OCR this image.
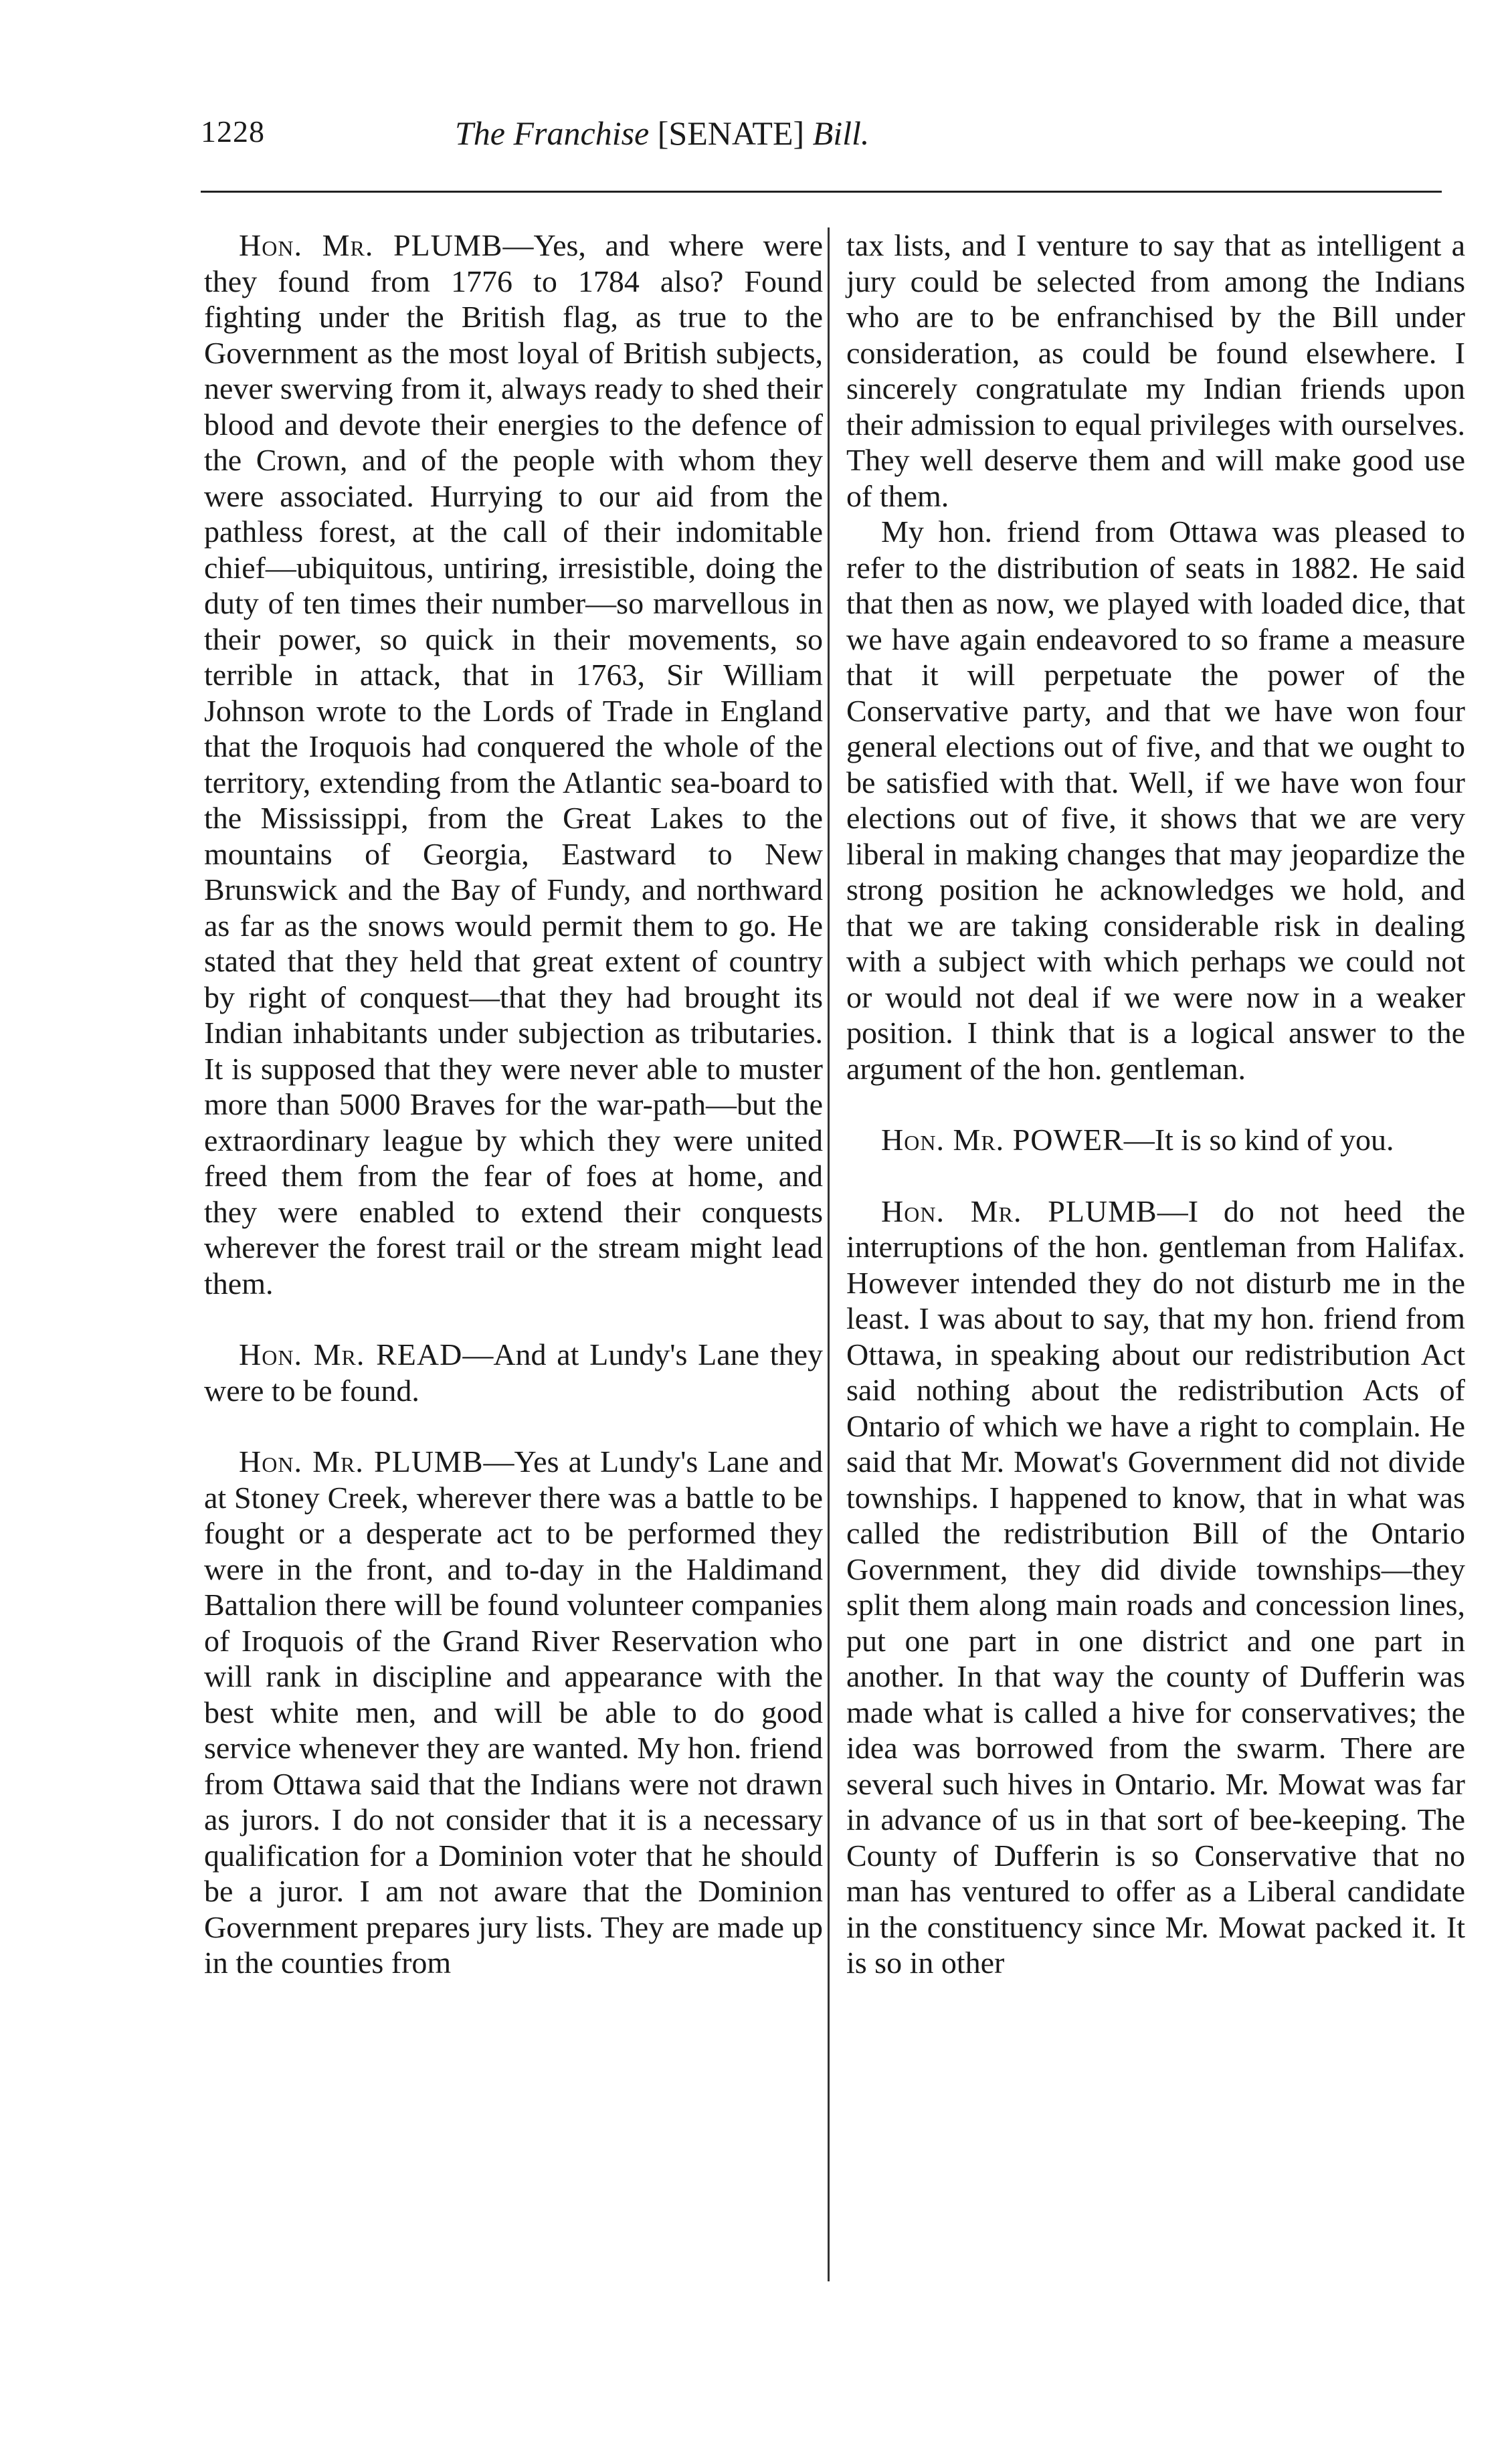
1228	The Franchise [SENATE] Bill.

Hon. Mr. PLUMB—Yes, and where were they found from 1776 to 1784 also? Found fighting under the British flag, as true to the Government as the most loyal of British subjects, never swerving from it, always ready to shed their blood and devote their energies to the defence of the Crown, and of the people with whom they were associated. Hurrying to our aid from the pathless forest, at the call of their indomitable chief—ubiquitous, untiring, irresistible, doing the duty of ten times their number—so marvellous in their power, so quick in their movements, so terrible in attack, that in 1763, Sir William Johnson wrote to the Lords of Trade in England that the Iroquois had conquered the whole of the territory, extending from the Atlantic sea-board to the Mississippi, from the Great Lakes to the mountains of Georgia, Eastward to New Brunswick and the Bay of Fundy, and northward as far as the snows would permit them to go. He stated that they held that great extent of country by right of conquest—that they had brought its Indian inhabitants under subjection as tributaries. It is supposed that they were never able to muster more than 5000 Braves for the war-path—but the extraordinary league by which they were united freed them from the fear of foes at home, and they were enabled to extend their conquests wherever the forest trail or the stream might lead them.

Hon. Mr. READ—And at Lundy's Lane they were to be found.

Hon. Mr. PLUMB—Yes at Lundy's Lane and at Stoney Creek, wherever there was a battle to be fought or a desperate act to be performed they were in the front, and to-day in the Haldimand Battalion there will be found volunteer companies of Iroquois of the Grand River Reservation who will rank in discipline and appearance with the best white men, and will be able to do good service whenever they are wanted. My hon. friend from Ottawa said that the Indians were not drawn as jurors. I do not consider that it is a necessary qualification for a Dominion voter that he should be a juror. I am not aware that the Dominion Government prepares jury lists. They are made up in the counties from

tax lists, and I venture to say that as intelligent a jury could be selected from among the Indians who are to be enfranchised by the Bill under consideration, as could be found elsewhere. I sincerely congratulate my Indian friends upon their admission to equal privileges with ourselves. They well deserve them and will make good use of them.

My hon. friend from Ottawa was pleased to refer to the distribution of seats in 1882. He said that then as now, we played with loaded dice, that we have again endeavored to so frame a measure that it will perpetuate the power of the Conservative party, and that we have won four general elections out of five, and that we ought to be satisfied with that. Well, if we have won four elections out of five, it shows that we are very liberal in making changes that may jeopardize the strong position he acknowledges we hold, and that we are taking considerable risk in dealing with a subject with which perhaps we could not or would not deal if we were now in a weaker position. I think that is a logical answer to the argument of the hon. gentleman.

Hon. Mr. POWER—It is so kind of you.

Hon. Mr. PLUMB—I do not heed the interruptions of the hon. gentleman from Halifax. However intended they do not disturb me in the least. I was about to say, that my hon. friend from Ottawa, in speaking about our redistribution Act said nothing about the redistribution Acts of Ontario of which we have a right to complain. He said that Mr. Mowat's Government did not divide townships. I happened to know, that in what was called the redistribution Bill of the Ontario Government, they did divide townships—they split them along main roads and concession lines, put one part in one district and one part in another. In that way the county of Dufferin was made what is called a hive for conservatives; the idea was borrowed from the swarm. There are several such hives in Ontario. Mr. Mowat was far in advance of us in that sort of bee-keeping. The County of Dufferin is so Conservative that no man has ventured to offer as a Liberal candidate in the constituency since Mr. Mowat packed it. It is so in other
